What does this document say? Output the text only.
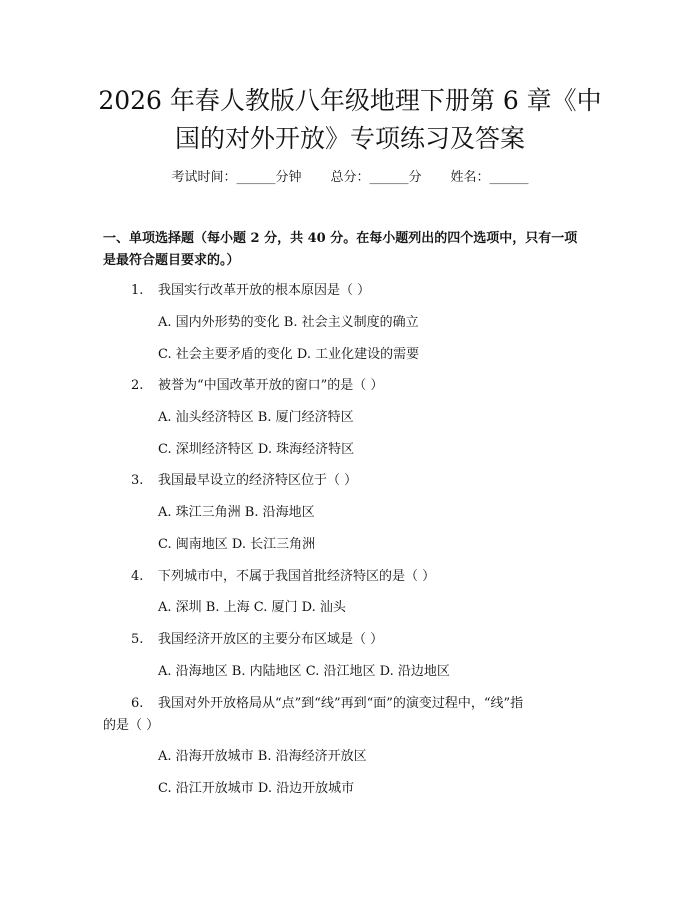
2026 年春人教版八年级地理下册第 6 章《中
国的对外开放》专项练习及答案
考试时间：______分钟 总分：______分 姓名：______
一、单项选择题（每小题 2 分，共 40 分。在每小题列出的四个选项中，只有一项
是最符合题目要求的。）
1. 我国实行改革开放的根本原因是（ ）
A. 国内外形势的变化 B. 社会主义制度的确立
C. 社会主要矛盾的变化 D. 工业化建设的需要
2. 被誉为“中国改革开放的窗口”的是（ ）
A. 汕头经济特区 B. 厦门经济特区
C. 深圳经济特区 D. 珠海经济特区
3. 我国最早设立的经济特区位于（ ）
A. 珠江三角洲 B. 沿海地区
C. 闽南地区 D. 长江三角洲
4. 下列城市中，不属于我国首批经济特区的是（ ）
A. 深圳 B. 上海 C. 厦门 D. 汕头
5. 我国经济开放区的主要分布区域是（ ）
A. 沿海地区 B. 内陆地区 C. 沿江地区 D. 沿边地区
6. 我国对外开放格局从“点”到“线”再到“面”的演变过程中，“线”指
的是（ ）
A. 沿海开放城市 B. 沿海经济开放区
C. 沿江开放城市 D. 沿边开放城市
